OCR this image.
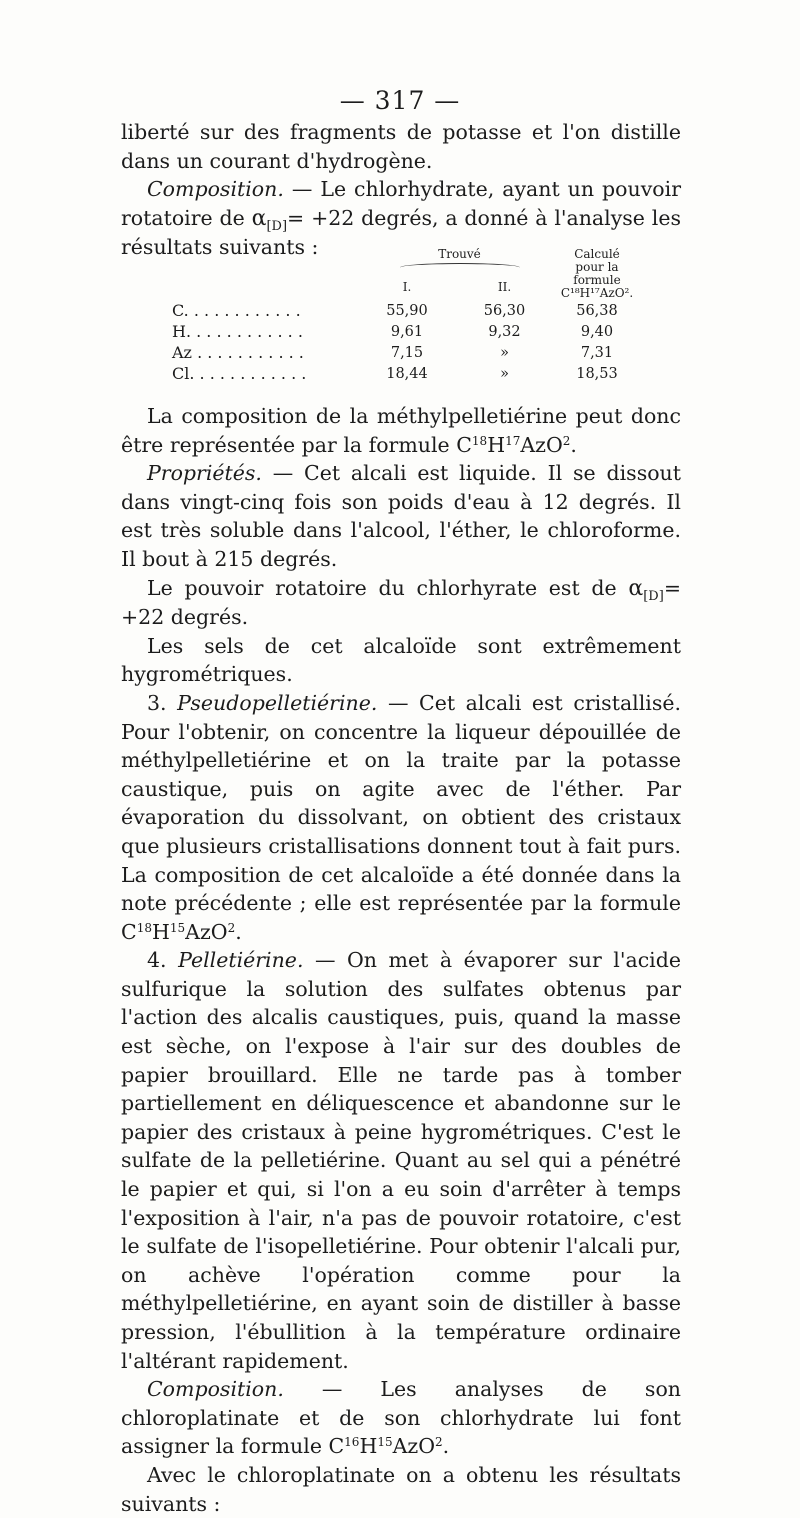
— 317 —

liberté sur des fragments de potasse et l'on distille dans un courant d'hydrogène.

Composition. — Le chlorhydrate, ayant un pouvoir rotatoire de $\alpha_{[D]}= +22$ degrés, a donné à l'analyse les résultats suivants :

		Trouvé		Calculé
pour la formule
C¹⁸H¹⁷AzO².

	I.	II.	
C. . . . . . . . . . . .	55,90	56,30	56,38
H. . . . . . . . . . . .	9,61	9,32	9,40
Az . . . . . . . . . . .	7,15	»	7,31
Cl. . . . . . . . . . . .	18,44	»	18,53

La composition de la méthylpelletiérine peut donc être représentée par la formule $C^{18}H^{17}AzO^2$.

Propriétés. — Cet alcali est liquide. Il se dissout dans vingt-cinq fois son poids d'eau à 12 degrés. Il est très soluble dans l'alcool, l'éther, le chloroforme. Il bout à 215 degrés.

Le pouvoir rotatoire du chlorhyrate est de $\alpha_{[D]}= +22$ degrés.

Les sels de cet alcaloïde sont extrêmement hygrométriques.

3. Pseudopelletiérine. — Cet alcali est cristallisé. Pour l'obtenir, on concentre la liqueur dépouillée de méthylpelletiérine et on la traite par la potasse caustique, puis on agite avec de l'éther. Par évaporation du dissolvant, on obtient des cristaux que plusieurs cristallisations donnent tout à fait purs. La composition de cet alcaloïde a été donnée dans la note précédente ; elle est représentée par la formule $C^{18}H^{15}AzO^2$.

4. Pelletiérine. — On met à évaporer sur l'acide sulfurique la solution des sulfates obtenus par l'action des alcalis caustiques, puis, quand la masse est sèche, on l'expose à l'air sur des doubles de papier brouillard. Elle ne tarde pas à tomber partiellement en déliquescence et abandonne sur le papier des cristaux à peine hygrométriques. C'est le sulfate de la pelletiérine. Quant au sel qui a pénétré le papier et qui, si l'on a eu soin d'arrêter à temps l'exposition à l'air, n'a pas de pouvoir rotatoire, c'est le sulfate de l'isopelletiérine. Pour obtenir l'alcali pur, on achève l'opération comme pour la méthylpelletiérine, en ayant soin de distiller à basse pression, l'ébullition à la température ordinaire l'altérant rapidement.

Composition. — Les analyses de son chloroplatinate et de son chlorhydrate lui font assigner la formule $C^{16}H^{15}AzO^2$.

Avec le chloroplatinate on a obtenu les résultats suivants :
